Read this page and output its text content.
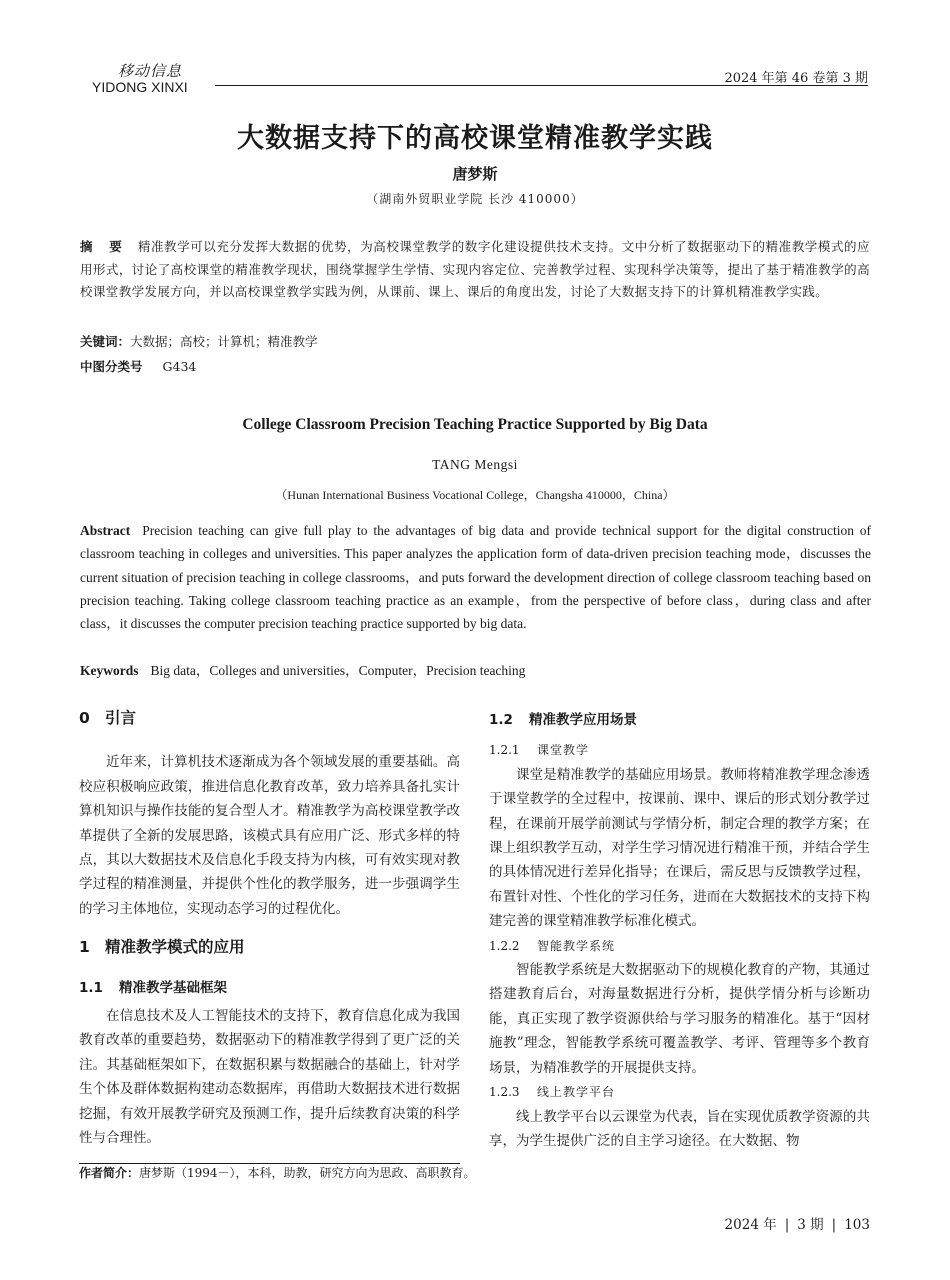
移动信息
YIDONG XINXI
2024 年第 46 卷第 3 期
大数据支持下的高校课堂精准教学实践
唐梦斯
（湖南外贸职业学院 长沙 410000）
摘 要 精准教学可以充分发挥大数据的优势，为高校课堂教学的数字化建设提供技术支持。文中分析了数据驱动下的精准教学模式的应用形式，讨论了高校课堂的精准教学现状，围绕掌握学生学情、实现内容定位、完善教学过程、实现科学决策等，提出了基于精准教学的高校课堂教学发展方向，并以高校课堂教学实践为例，从课前、课上、课后的角度出发，讨论了大数据支持下的计算机精准教学实践。
关键词：大数据；高校；计算机；精准教学
中图分类号 G434
College Classroom Precision Teaching Practice Supported by Big Data
TANG Mengsi
（Hunan International Business Vocational College，Changsha 410000，China）
Abstract Precision teaching can give full play to the advantages of big data and provide technical support for the digital construction of classroom teaching in colleges and universities. This paper analyzes the application form of data-driven precision teaching mode，discusses the current situation of precision teaching in college classrooms，and puts forward the development direction of college classroom teaching based on precision teaching. Taking college classroom teaching practice as an example，from the perspective of before class，during class and after class，it discusses the computer precision teaching practice supported by big data.
Keywords Big data，Colleges and universities，Computer，Precision teaching
0 引言

近年来，计算机技术逐渐成为各个领域发展的重要基础。高校应积极响应政策，推进信息化教育改革，致力培养具备扎实计算机知识与操作技能的复合型人才。精准教学为高校课堂教学改革提供了全新的发展思路，该模式具有应用广泛、形式多样的特点，其以大数据技术及信息化手段支持为内核，可有效实现对教学过程的精准测量，并提供个性化的教学服务，进一步强调学生的学习主体地位，实现动态学习的过程优化。

1 精准教学模式的应用
1.1 精准教学基础框架

在信息技术及人工智能技术的支持下，教育信息化成为我国教育改革的重要趋势，数据驱动下的精准教学得到了更广泛的关注。其基础框架如下，在数据积累与数据融合的基础上，针对学生个体及群体数据构建动态数据库，再借助大数据技术进行数据挖掘，有效开展教学研究及预测工作，提升后续教育决策的科学性与合理性。

作者简介：唐梦斯（1994－），本科，助教，研究方向为思政、高职教育。
1.2 精准教学应用场景
1.2.1 课堂教学

课堂是精准教学的基础应用场景。教师将精准教学理念渗透于课堂教学的全过程中，按课前、课中、课后的形式划分教学过程，在课前开展学前测试与学情分析，制定合理的教学方案；在课上组织教学互动，对学生学习情况进行精准干预，并结合学生的具体情况进行差异化指导；在课后，需反思与反馈教学过程，布置针对性、个性化的学习任务，进而在大数据技术的支持下构建完善的课堂精准教学标准化模式。

1.2.2 智能教学系统

智能教学系统是大数据驱动下的规模化教育的产物，其通过搭建教育后台，对海量数据进行分析，提供学情分析与诊断功能，真正实现了教学资源供给与学习服务的精准化。基于“因材施教”理念，智能教学系统可覆盖教学、考评、管理等多个教育场景，为精准教学的开展提供支持。

1.2.3 线上教学平台

线上教学平台以云课堂为代表，旨在实现优质教学资源的共享，为学生提供广泛的自主学习途径。在大数据、物

2024 年 | 3 期 | 103
